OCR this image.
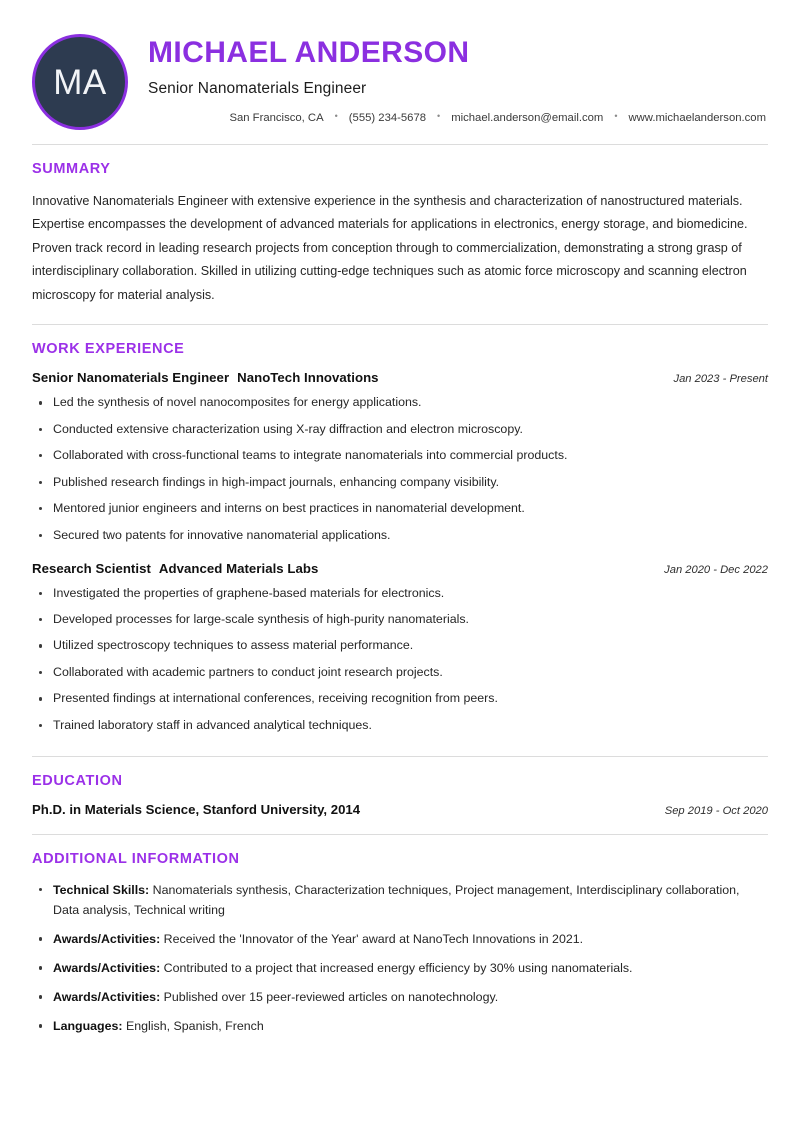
MA
MICHAEL ANDERSON
Senior Nanomaterials Engineer
San Francisco, CA	• (555) 234-5678	• michael.anderson@email.com	• www.michaelanderson.com
SUMMARY

Innovative Nanomaterials Engineer with extensive experience in the synthesis and characterization of nanostructured materials. Expertise encompasses the development of advanced materials for applications in electronics, energy storage, and biomedicine. Proven track record in leading research projects from conception through to commercialization, demonstrating a strong grasp of interdisciplinary collaboration. Skilled in utilizing cutting-edge techniques such as atomic force microscopy and scanning electron microscopy for material analysis.

WORK EXPERIENCE
Senior Nanomaterials Engineer NanoTech Innovations	Jan 2023 - Present
Led the synthesis of novel nanocomposites for energy applications.
Conducted extensive characterization using X-ray diffraction and electron microscopy.
Collaborated with cross-functional teams to integrate nanomaterials into commercial products.
Published research findings in high-impact journals, enhancing company visibility.
Mentored junior engineers and interns on best practices in nanomaterial development.
Secured two patents for innovative nanomaterial applications.
Research Scientist Advanced Materials Labs	Jan 2020 - Dec 2022
Investigated the properties of graphene-based materials for electronics.
Developed processes for large-scale synthesis of high-purity nanomaterials.
Utilized spectroscopy techniques to assess material performance.
Collaborated with academic partners to conduct joint research projects.
Presented findings at international conferences, receiving recognition from peers.
Trained laboratory staff in advanced analytical techniques.
EDUCATION
Ph.D. in Materials Science, Stanford University, 2014	Sep 2019 - Oct 2020
ADDITIONAL INFORMATION
Technical Skills: Nanomaterials synthesis, Characterization techniques, Project management, Interdisciplinary collaboration, Data analysis, Technical writing
Awards/Activities: Received the 'Innovator of the Year' award at NanoTech Innovations in 2021.
Awards/Activities: Contributed to a project that increased energy efficiency by 30% using nanomaterials.
Awards/Activities: Published over 15 peer-reviewed articles on nanotechnology.
Languages: English, Spanish, French
